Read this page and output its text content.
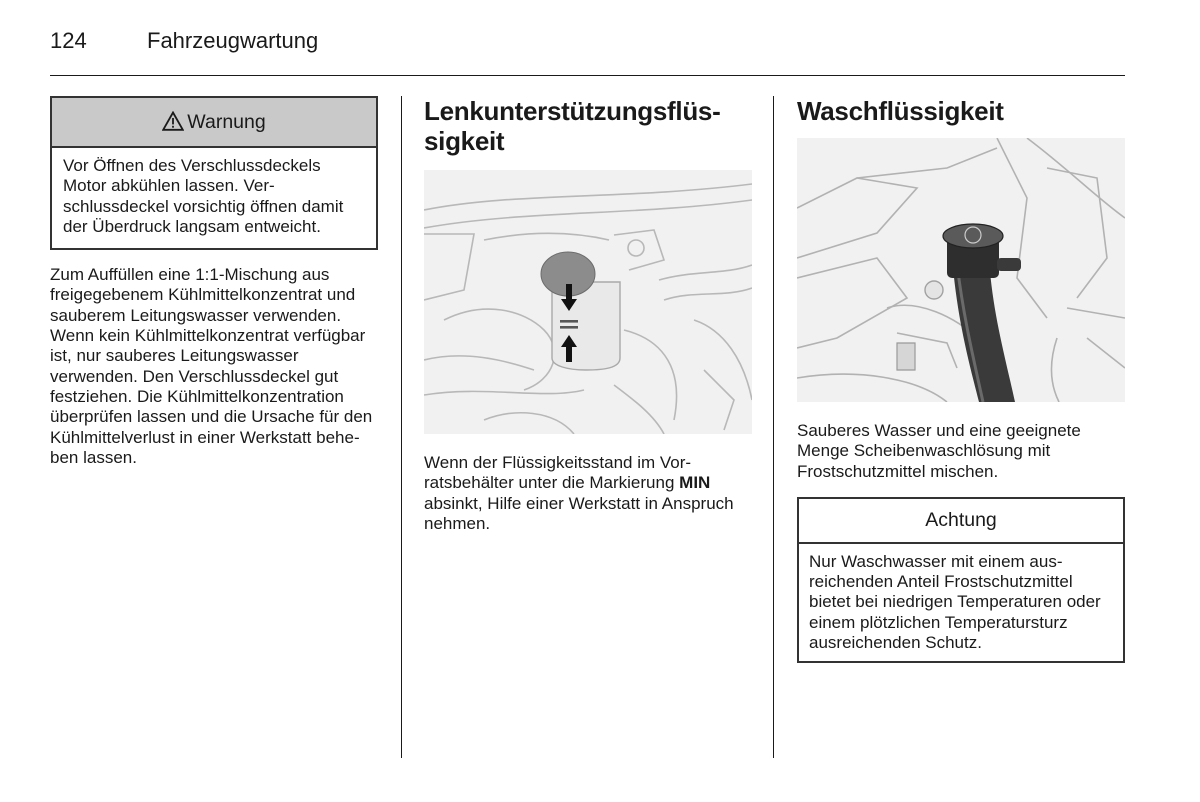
124	Fahrzeugwartung
Warnung
Vor Öffnen des Verschlussdeckels Motor abkühlen lassen. Verschlussdeckel vorsichtig öffnen damit der Überdruck langsam entweicht.
Zum Auffüllen eine 1:1-Mischung aus freigegebenem Kühlmittelkonzentrat und sauberem Leitungswasser verwenden. Wenn kein Kühlmittelkonzentrat verfügbar ist, nur sauberes Leitungswasser verwenden. Den Verschlussdeckel gut festziehen. Die Kühlmittelkonzentration überprüfen lassen und die Ursache für den Kühlmittelverlust in einer Werkstatt beheben lassen.
Lenkunterstützungsflüssigkeit
Wenn der Flüssigkeitsstand im Vorratsbehälter unter die Markierung MIN absinkt, Hilfe einer Werkstatt in Anspruch nehmen.
Waschflüssigkeit
Sauberes Wasser und eine geeignete Menge Scheibenwaschlösung mit Frostschutzmittel mischen.
Achtung
Nur Waschwasser mit einem ausreichenden Anteil Frostschutzmittel bietet bei niedrigen Temperaturen oder einem plötzlichen Temperatursturz ausreichenden Schutz.
